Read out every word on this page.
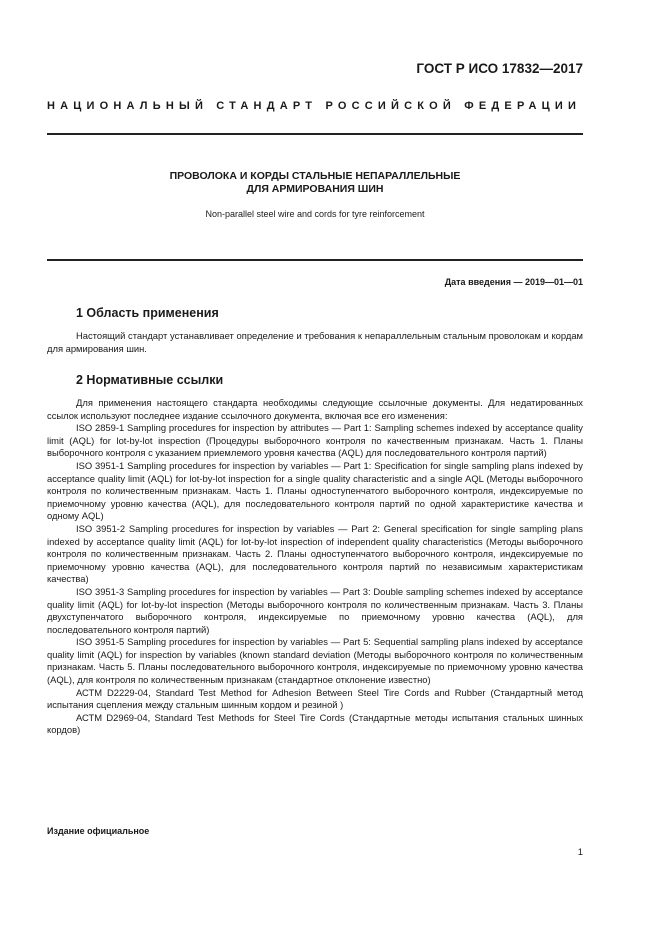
ГОСТ Р ИСО 17832—2017
НАЦИОНАЛЬНЫЙ СТАНДАРТ РОССИЙСКОЙ ФЕДЕРАЦИИ
ПРОВОЛОКА И КОРДЫ СТАЛЬНЫЕ НЕПАРАЛЛЕЛЬНЫЕ
ДЛЯ АРМИРОВАНИЯ ШИН
Non-parallel steel wire and cords for tyre reinforcement
Дата введения — 2019—01—01
1 Область применения

Настоящий стандарт устанавливает определение и требования к непараллельным стальным проволокам и кордам для армирования шин.

2 Нормативные ссылки

Для применения настоящего стандарта необходимы следующие ссылочные документы. Для недатированных ссылок используют последнее издание ссылочного документа, включая все его изменения:

ISO 2859-1 Sampling procedures for inspection by attributes — Part 1: Sampling schemes indexed by acceptance quality limit (AQL) for lot-by-lot inspection (Процедуры выборочного контроля по качественным признакам. Часть 1. Планы выборочного контроля с указанием приемлемого уровня качества (AQL) для последовательного контроля партий)

ISO 3951-1 Sampling procedures for inspection by variables — Part 1: Specification for single sampling plans indexed by acceptance quality limit (AQL) for lot-by-lot inspection for a single quality characteristic and a single AQL (Методы выборочного контроля по количественным признакам. Часть 1. Планы одноступенчатого выборочного контроля, индексируемые по приемочному уровню качества (AQL), для последовательного контроля партий по одной характеристике качества и одному AQL)

ISO 3951-2 Sampling procedures for inspection by variables — Part 2: General specification for single sampling plans indexed by acceptance quality limit (AQL) for lot-by-lot inspection of independent quality characteristics (Методы выборочного контроля по количественным признакам. Часть 2. Планы одноступенчатого выборочного контроля, индексируемые по приемочному уровню качества (AQL), для последовательного контроля партий по независимым характеристикам качества)

ISO 3951-3 Sampling procedures for inspection by variables — Part 3: Double sampling schemes indexed by acceptance quality limit (AQL) for lot-by-lot inspection (Методы выборочного контроля по количественным признакам. Часть 3. Планы двухступенчатого выборочного контроля, индексируемые по приемочному уровню качества (AQL), для последовательного контроля партий)

ISO 3951-5 Sampling procedures for inspection by variables — Part 5: Sequential sampling plans indexed by acceptance quality limit (AQL) for inspection by variables (known standard deviation (Методы выборочного контроля по количественным признакам. Часть 5. Планы последовательного выборочного контроля, индексируемые по приемочному уровню качества (AQL), для контроля по количественным признакам (стандартное отклонение известно)

АСТМ D2229-04, Standard Test Method for Adhesion Between Steel Tire Cords and Rubber (Стандартный метод испытания сцепления между стальным шинным кордом и резиной )

АСТМ D2969-04, Standard Test Methods for Steel Tire Cords (Стандартные методы испытания стальных шинных кордов)

Издание официальное
1
